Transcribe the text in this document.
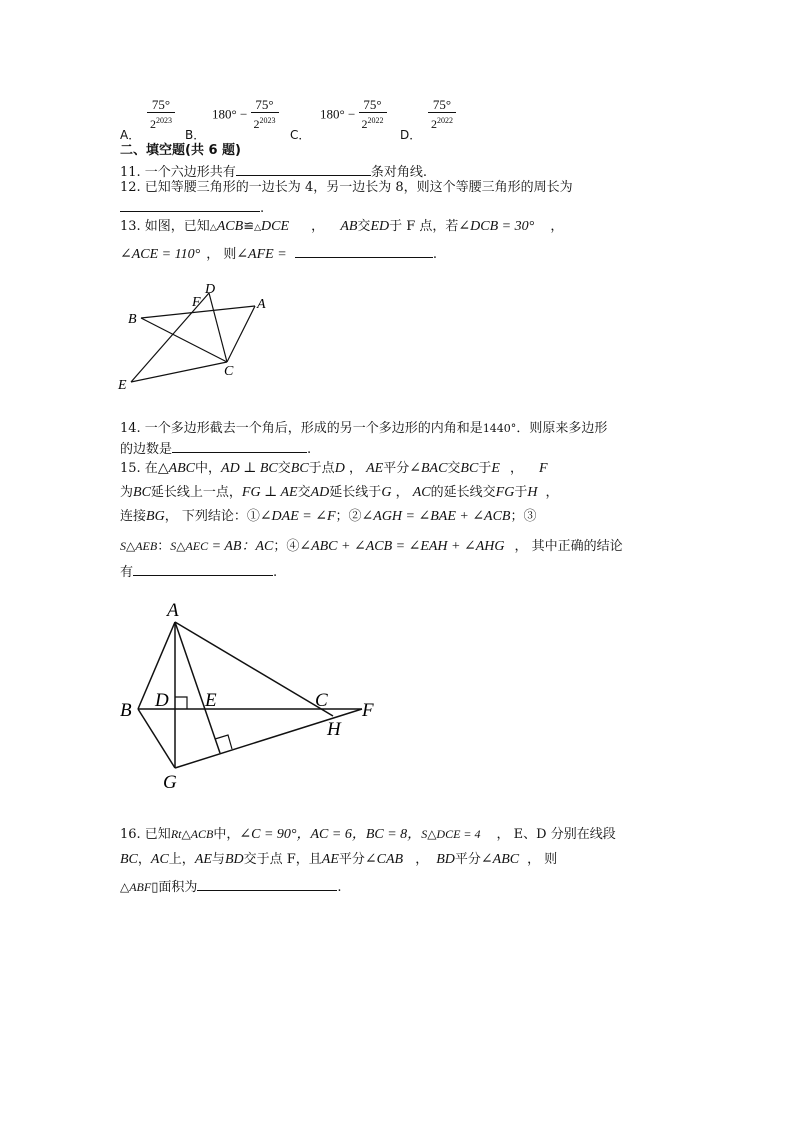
$\frac{75^\circ}{2^{2023}}$	$180^\circ - \frac{75^\circ}{2^{2023}}$	$180^\circ - \frac{75^\circ}{2^{2022}}$	$\frac{75^\circ}{2^{2022}}$
A．	B．	C．	D．
二、填空题(共 6 题)
11. 一个六边形共有	条对角线.
12. 已知等腰三角形的一边长为 4，另一边长为 8，则这个等腰三角形的周长为
.
13. 如图，已知△ACB≌△DCE ， AB交ED于 F 点，若∠DCB = 30° ，
∠ACE = 110° ， 则∠AFE =	.
D
F	A
B
C
E
14. 一个多边形截去一个角后，形成的另一个多边形的内角和是1440°．则原来多边形
的边数是	.
15. 在△ABC中，AD ⊥ BC交BC于点D ， AE平分∠BAC交BC于E ， F
为BC延长线上一点，FG ⊥ AE交AD延长线于G ， AC的延长线交FG于H ，
连接BG， 下列结论：①∠DAE = ∠F；②∠AGH = ∠BAE + ∠ACB；③
S△AEB：S△AEC = AB：AC；④∠ABC + ∠ACB = ∠EAH + ∠AHG ， 其中正确的结论
有	.
A
B D E	C F
H
G
16. 已知Rt△ACB中，∠C = 90°，AC = 6，BC = 8，S△DCE = 4 ， E、D 分别在线段
BC，AC上，AE与BD交于点 F，且AE平分∠CAB ， BD平分∠ABC ， 则
△ABF▯面积为	.
